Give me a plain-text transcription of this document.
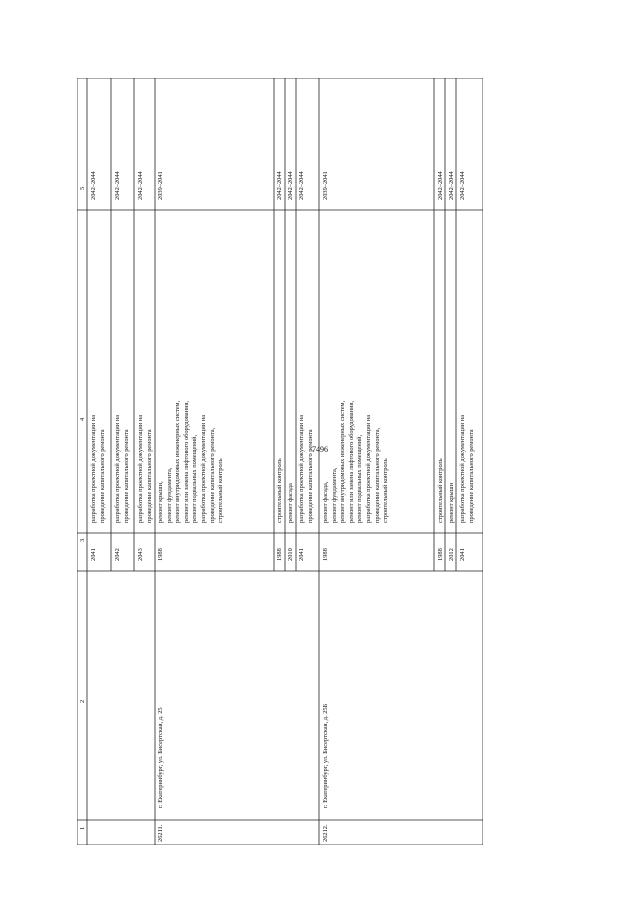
7496
1
2
3
4
5
26211.
г. Екатеринбург, ул. Бисертская, д. 25
2041
разработка проектной документации на проведение капитального ремонта
2042–2044
2042
разработка проектной документации на проведение капитального ремонта
2042–2044
2043
разработка проектной документации на проведение капитального ремонта
2042–2044
1988
ремонт крыши, ремонт фундамента, ремонт внутридомовых инженерных систем, ремонт или замена лифтового оборудования, ремонт подвальных помещений, разработка проектной документации на проведение капитального ремонта, строительный контроль
2039–2041
1988
строительный контроль
2042–2044
2010
ремонт фасада
2042–2044
2041
разработка проектной документации на проведение капитального ремонта
2042–2044
26212.
г. Екатеринбург, ул. Бисертская, д. 25Б
1988
ремонт фасада, ремонт фундамента, ремонт внутридомовых инженерных систем, ремонт или замена лифтового оборудования, ремонт подвальных помещений, разработка проектной документации на проведение капитального ремонта, строительный контроль
2039–2041
1988
строительный контроль
2042–2044
2012
ремонт крыши
2042–2044
2041
разработка проектной документации на проведение капитального ремонта
2042–2044
